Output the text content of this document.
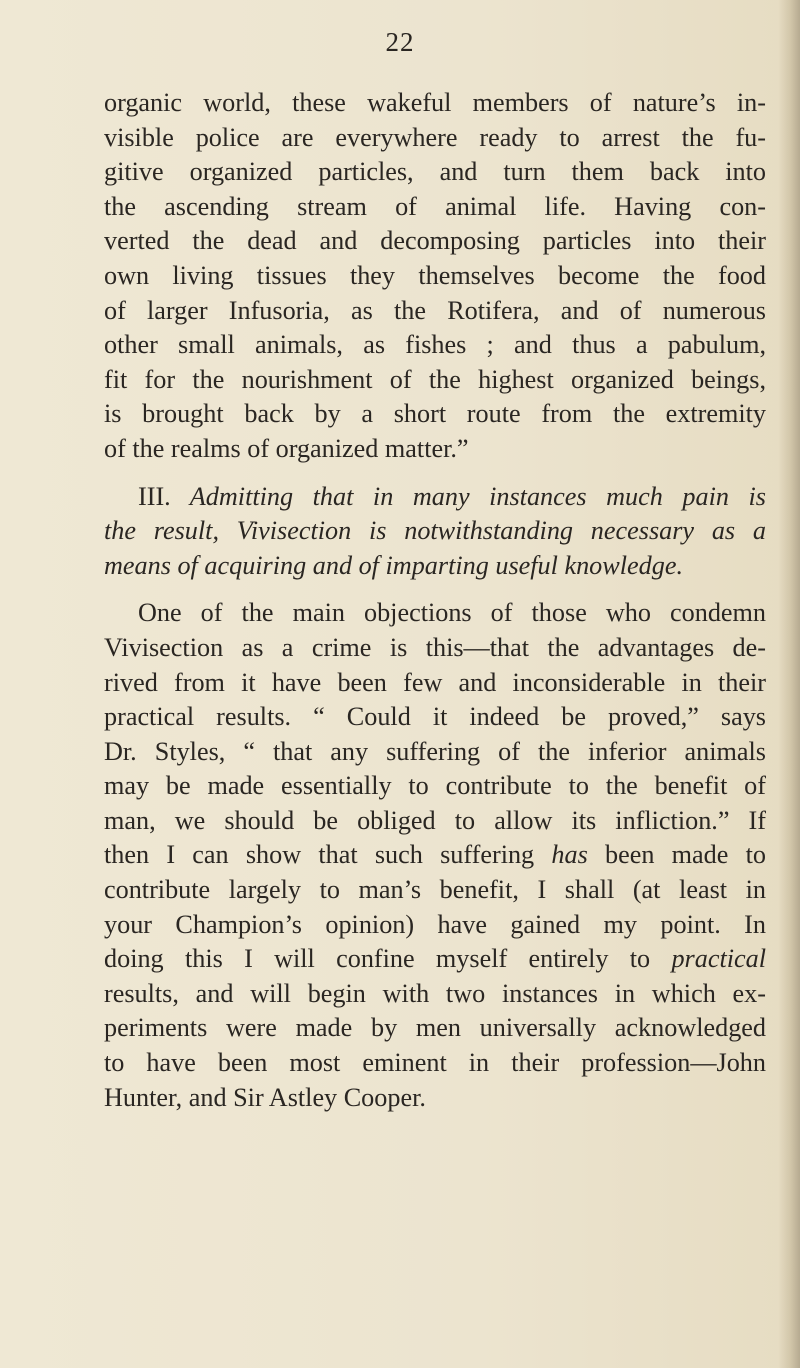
22
organic world, these wakeful members of nature’s in-
visible police are everywhere ready to arrest the fu-
gitive organized particles, and turn them back into
the ascending stream of animal life. Having con-
verted the dead and decomposing particles into their
own living tissues they themselves become the food
of larger Infusoria, as the Rotifera, and of numerous
other small animals, as fishes ; and thus a pabulum,
fit for the nourishment of the highest organized beings,
is brought back by a short route from the extremity
of the realms of organized matter.”
III. Admitting that in many instances much pain is
the result, Vivisection is notwithstanding necessary as a
means of acquiring and of imparting useful knowledge.
One of the main objections of those who condemn
Vivisection as a crime is this—that the advantages de-
rived from it have been few and inconsiderable in their
practical results. “ Could it indeed be proved,” says
Dr. Styles, “ that any suffering of the inferior animals
may be made essentially to contribute to the benefit of
man, we should be obliged to allow its infliction.” If
then I can show that such suffering has been made to
contribute largely to man’s benefit, I shall (at least in
your Champion’s opinion) have gained my point. In
doing this I will confine myself entirely to practical
results, and will begin with two instances in which ex-
periments were made by men universally acknowledged
to have been most eminent in their profession—John
Hunter, and Sir Astley Cooper.
